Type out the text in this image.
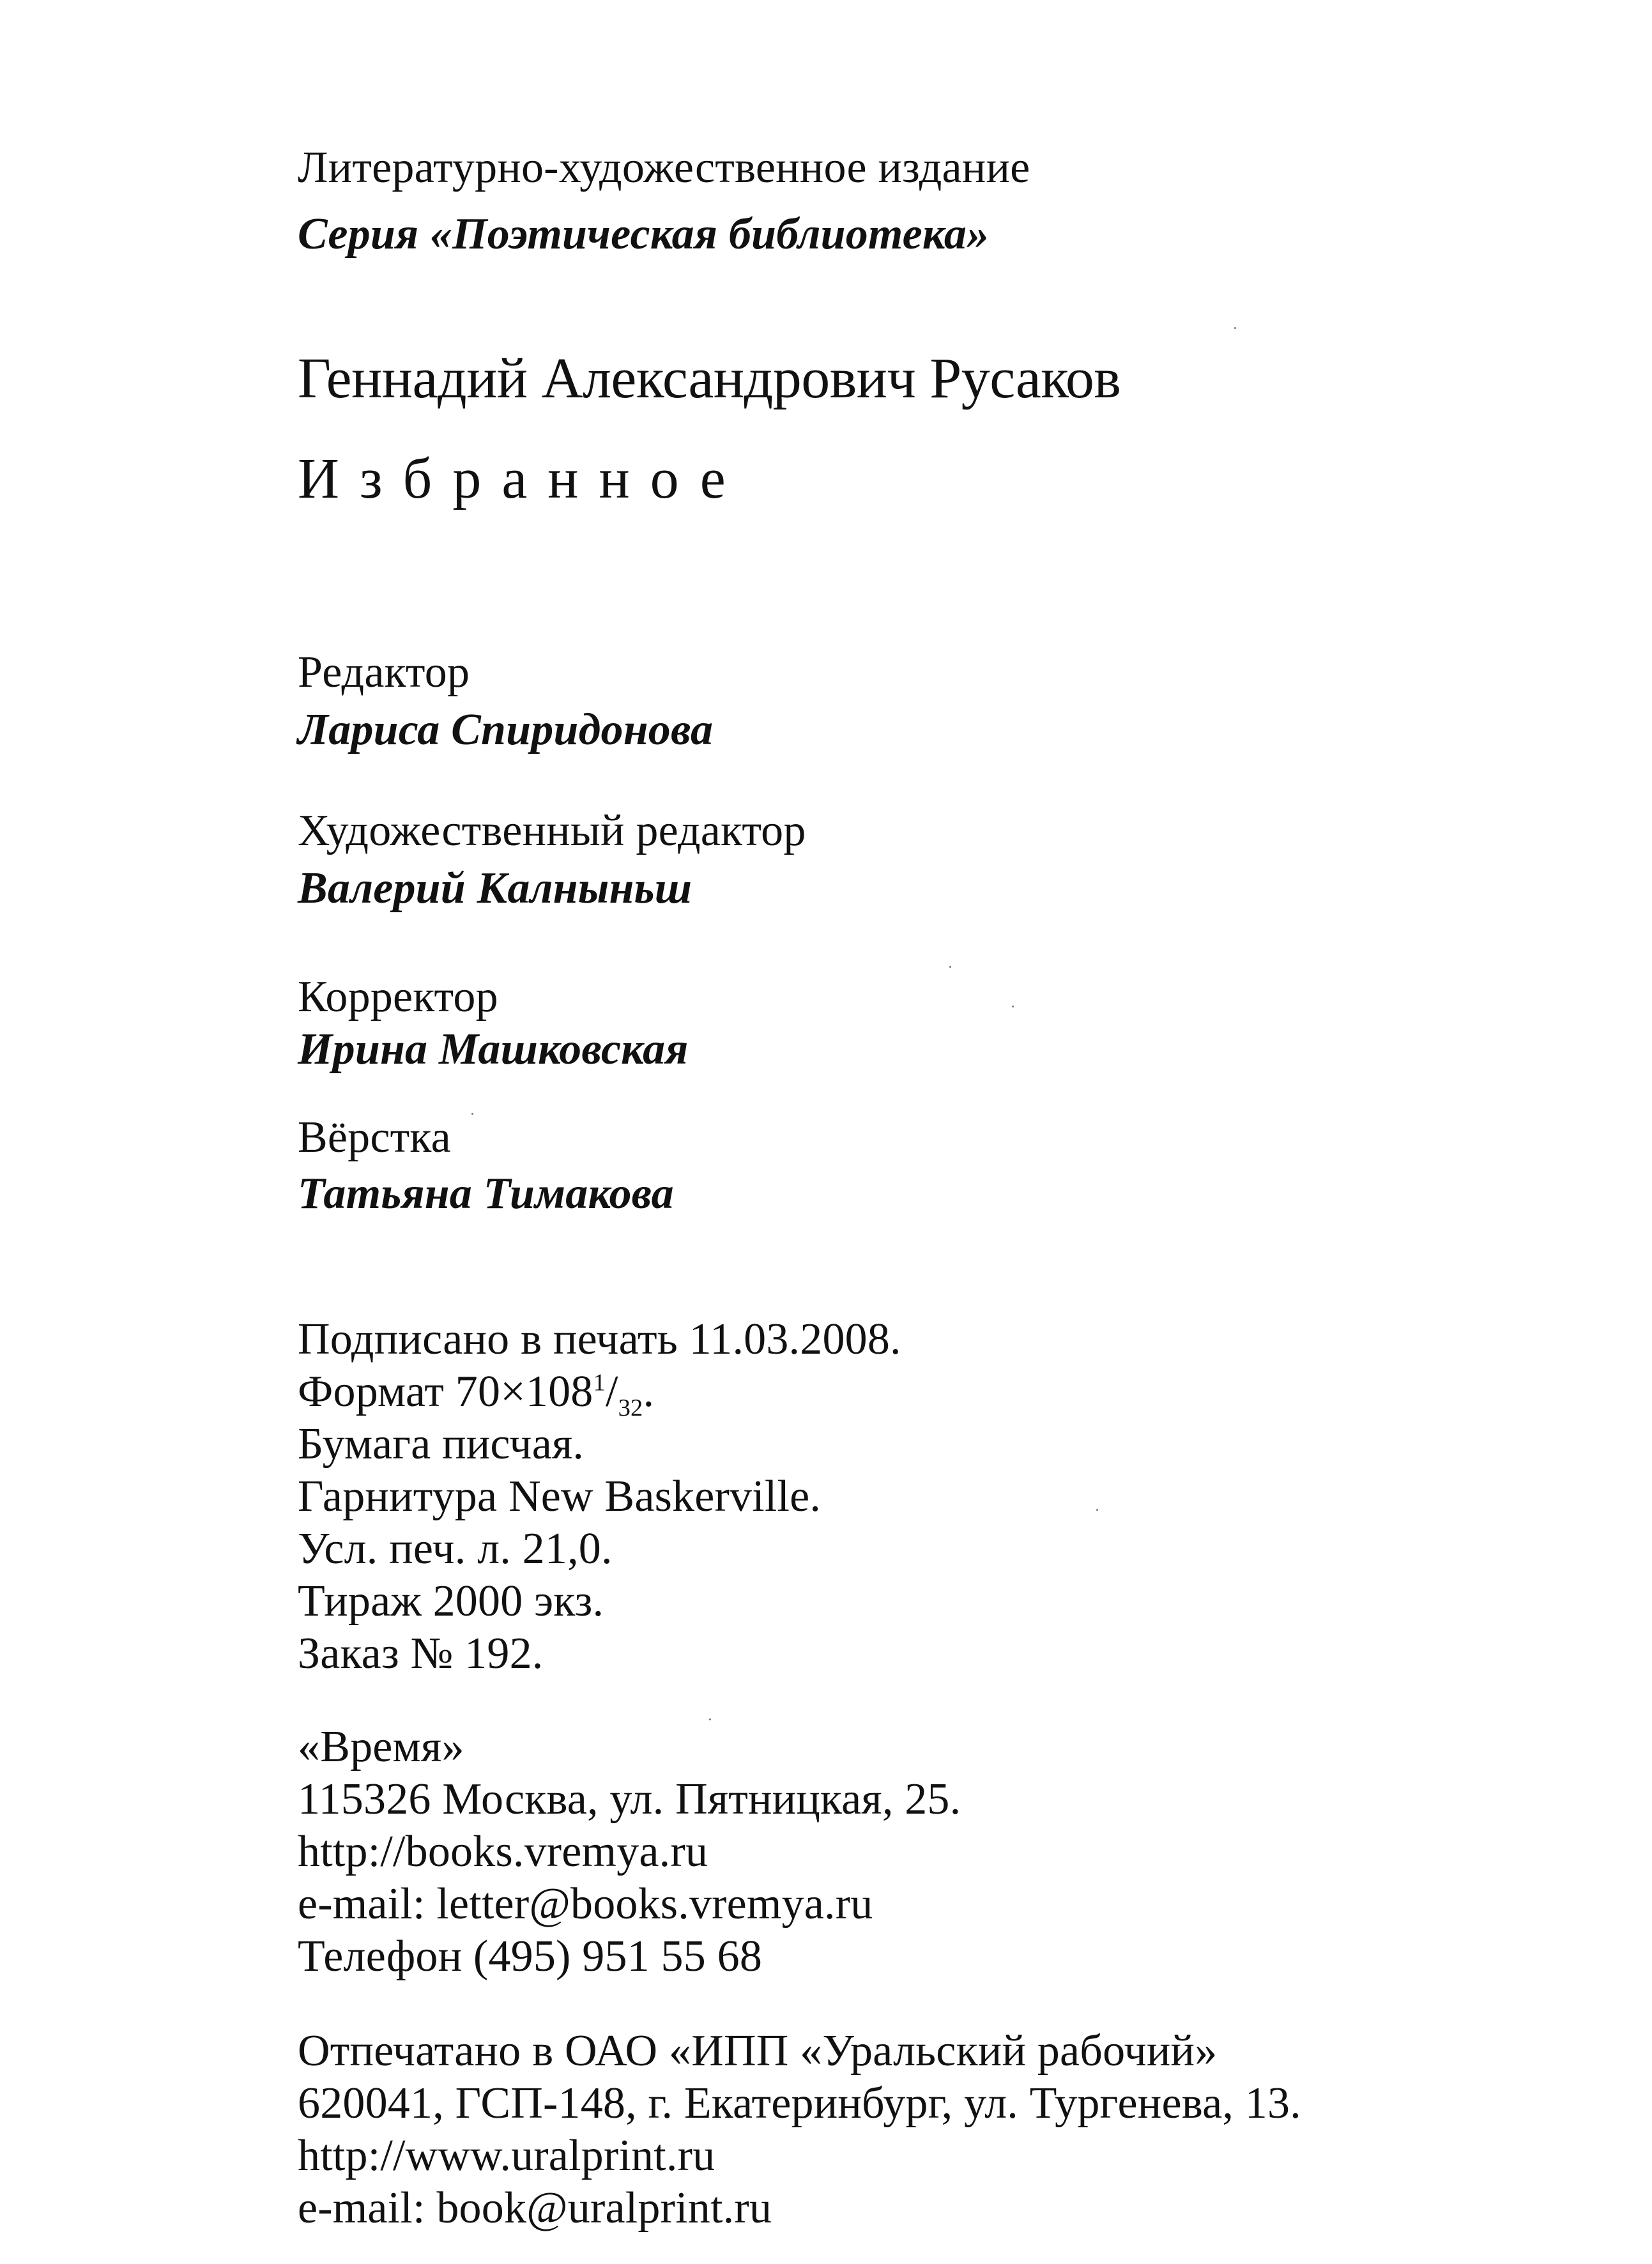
Литературно-художественное издание
Серия «Поэтическая библиотека»
Геннадий Александрович Русаков
Избранное
Редактор
Лариса Спиридонова
Художественный редактор
Валерий Калныньш
Корректор
Ирина Машковская
Вёрстка
Татьяна Тимакова
Подписано в печать 11.03.2008.
Формат $70\times 108^1/_{32}$.
Бумага писчая.
Гарнитура New Baskerville.
Усл. печ. л. 21,0.
Тираж 2000 экз.
Заказ № 192.
«Время»
115326 Москва, ул. Пятницкая, 25.
http://books.vremya.ru
e-mail: letter@books.vremya.ru
Телефон (495) 951 55 68
Отпечатано в ОАО «ИПП «Уральский рабочий»
620041, ГСП-148, г. Екатеринбург, ул. Тургенева, 13.
http://www.uralprint.ru
e-mail: book@uralprint.ru
